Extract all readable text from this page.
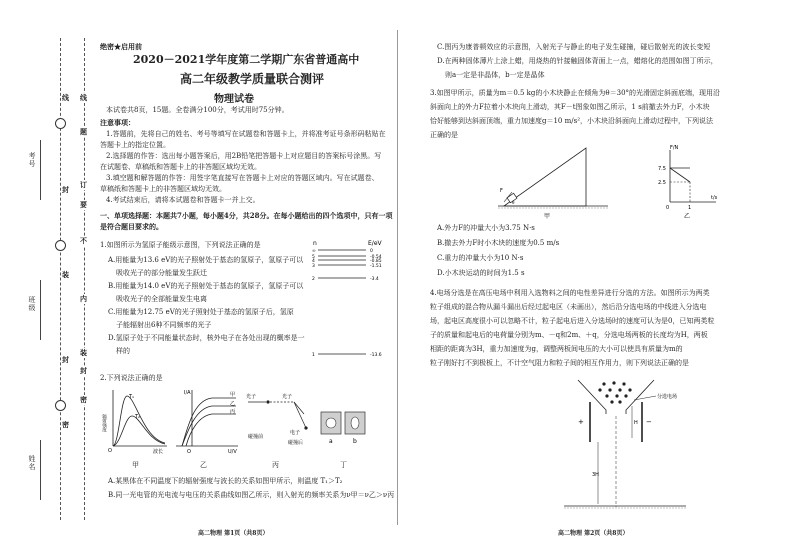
线
题
订
要
不
内
装
封
密
线
封
装
封
密
考号
班级
姓名
绝密★启用前
2020－2021学年度第二学期广东省普通高中
高二年级教学质量联合测评
物理试卷
本试卷共8页，15题。全卷满分100分，考试用时75分钟。
注意事项：
1.答题前，先将自己的姓名、考号等填写在试题卷和答题卡上，并将准考证号条形码粘贴在
答题卡上的指定位置。
2.选择题的作答：选出每小题答案后，用2B铅笔把答题卡上对应题目的答案标号涂黑。写
在试题卷、草稿纸和答题卡上的非答题区域均无效。
3.填空题和解答题的作答：用签字笔直接写在答题卡上对应的答题区域内。写在试题卷、
草稿纸和答题卡上的非答题区域均无效。
4.考试结束后，请将本试题卷和答题卡一并上交。
一、单项选择题：本题共7小题，每小题4分，共28分。在每小题给出的四个选项中，只有一项
是符合题目要求的。
1.如图所示为氢原子能级示意图，下列说法正确的是
A.用能量为13.6 eV的光子照射处于基态的氢原子，氢原子可以
吸收光子的部分能量发生跃迁
B.用能量为14.0 eV的光子照射处于基态的氢原子，氢原子可以
吸收光子的全部能量发生电离
C.用能量为12.75 eV的光子照射处于基态的氢原子后，氢原
子能辐射出6种不同频率的光子
D.氢原子处于不同能量状态时，核外电子在各处出现的概率是一
样的
n	E/eV
∞	0
5	-0.54
4	-0.85
3	-1.51
2	-3.4
1	-13.6
2.下列说法正确的是
辐射强度
O	波长
T₁
T₂
甲
I/A
O	U/V
甲
乙
丙
乙
光子	光子
电子
碰撞前
碰撞后
丙
a	b
丁
A.某黑体在不同温度下的辐射强度与波长的关系如图甲所示，则温度 T₁＞T₂
B.同一光电管的光电流与电压的关系曲线如图乙所示，则入射光的频率关系为ν甲＝ν乙＞ν丙
高二物理 第1页（共8页）
C.图丙为康普顿效应的示意图，入射光子与静止的电子发生碰撞，碰后散射光的波长变短
D.在两种固体薄片上涂上蜡，用烧热的针接触固体背面上一点，蜡熔化的范围如图丁所示，
则a一定是非晶体，b一定是晶体
3.如图甲所示，质量为m＝0.5 kg的小木块静止在倾角为θ＝30°的光滑固定斜面底端，现用沿
斜面向上的外力F拉着小木块向上滑动，其F－t图象如图乙所示，1 s前撤去外力F，小木块
恰好能够到达斜面顶端，重力加速度g＝10 m/s²，小木块沿斜面向上滑动过程中，下列说法
正确的是
F
θ
甲
F/N
t/s
7.5
2.5
0	1
乙
A.外力F的冲量大小为3.75 N·s
B.撤去外力F时小木块的速度为0.5 m/s
C.重力的冲量大小为10 N·s
D.小木块运动的时间为1.5 s
4.电场分选是在高压电场中利用入选物料之间的电性差异进行分选的方法。如图所示为两类
粒子组成的混合物从漏斗漏出后经过起电区（未画出），然后沿分选电场的中线进入分选电
场，起电区高度很小可以忽略不计，粒子起电后进入分选场时的速度可认为是0，已知两类粒
子的质量和起电后的电荷量分别为m、－q和2m、＋q，分选电场两板的长度均为H，两板
相距的距离为3H，重力加速度为g，调整两板间电压的大小可以使具有质量为m的
粒子刚好打不到极板上，不计空气阻力和粒子间的相互作用力，则下列说法正确的是
+	−
分选电场
H
3H
高二物理 第2页（共8页）
